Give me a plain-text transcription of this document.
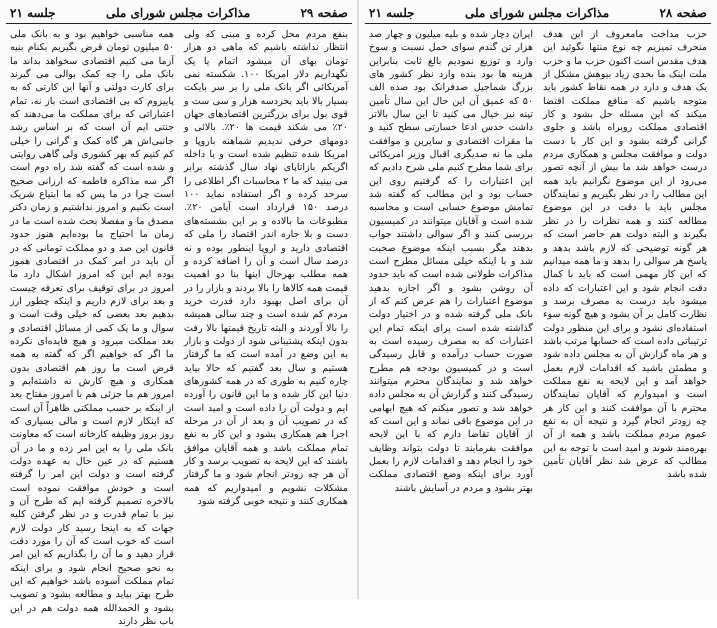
صفحه ۲۹
مذاکرات مجلس شورای ملی
جلسه ۲۱

بنفع مردم محل کرده و مبنی که ولی انتظار نداشته باشیم که ماهی دو هزار تومان بهای آن میشود اتمام یا یک نگهداریم دلار امریکا ۱۰۰. شکسته نمی آمریکائی اگر بانک ملی را بر سر بایکت بسیار بالا باید بخردسه هزار و سی ست و قوی بول برای بزرگترین اقتصادهای جهان ۲۰٪ می شکند قیمت ها ۲۰٪. بالائی و دومهای حرفی ندیدیم شماهنه باروپا و امریکا شده تنظیم شده است و یا داخله اگریکم بازاتاپای نهاد سال گذشته برابر می بینید که ما ۲ محاسبات اگر اطلاعی را سرحد کرده و اگر استفاده نماید ۱۰۰ درصد ۱۵۰ قرارداد است آیامن ۲۰٪. مطبوعات ما بالاده و بر این بشسته‌های دست و بلا جاره اندر اقتصاد را ملی که اقتصادی دارید و اروپا اینطور بوده و نه درصد سال است و آن را اضافه کرده و همه مطلب بهرحال اینها بنا دو اهمیت قیمت همه کالاها را بالا بردند و بازار را در آن برای اصل بهبود دارد قدرت خرید مردم کم شده است و چند سالی همیشه را بالا آوردند و البته تاریخ قیمتها بالا رفت بدون اینکه پشتیبانی شود از دولت و بازار به این وضع در آمده است که ما گرفتار هستیم و سال بعد گفتیم که حالا بیاید چاره کنیم به طوری که در همه کشورهای دنیا این کار شده و ما این قانون را آورده ایم و دولت آن را داده است و امید است که در تصویب آن و بعد از آن در مرحله اجرا هم همکاری بشود و این کار به نفع تمام مملکت باشد و همه آقایان موافق باشند که این لایحه به تصویب برسد و کار آن هر چه زودتر انجام شود و ما گرفتار مشکلات نشویم و امیدواریم که همه همکاری کنند و نتیجه خوبی گرفته شود

همه مناسبی خواهیم بود و به بانک ملی ۵۰ میلیون تومان قرض بگیریم بکنام بنیه آزما می کنیم اقتصادی سخواهد بداند ما بانک ملی را چه کمک بوالی می گیرند برای کارت دولتی و آنها این کارتی که به پاییزوم که بی اقتصادی است باز نه، تمام اعتباراتی که برای مملکت ما می‌دهند که جنتی ایم آن است که بر اساس رشد جانبی‌اش هر گاه کمک و گرانی را خیلی کم کنیم که بهر کشوری ولی گاهی روایتی و شده است که گفته شد راه دوم است اگر سه مذاکره فاطمه که ارزانی صحیح است چرا در ما پس که ما ابتیاع شریک است بکنیم و امروز نداشتیم و زمان دکتر مصدق ما و مفصلا بحث شده است ما در زمان ما احتیاج ما بوده‌ایم هنوز حدود قانون این صد و دو مملکت تومانی که در آن باید در امر کمک در اقتصادی هموز بوده ایم این که امروز اشکال دارد ما امروز در برای توقیف برای تعرفه چیست و بعد برای لازم داریم و اینکه چطور ارز بدهیم بعد بعضی که خیلی وقت است و سوال و ما یک کمی از مسائل اقتصادی و بعد مملکت میرود و هیچ فایده‌ای نکرده ما اگر که خواهیم اگر که گفته به همه قرض است ما روز هم اقتصادی بدون همکاری و هیچ کارش نه داشته‌ایم و امروز هم ما جزئی هم با امروز مفتاح بعد از اینکه بر حسب مملکتی ظاهراً آن است که اینکار لازم است و مالی بسیاری که روز بروز وظیفه کارخانه است که معاونت بانک ملی را به این امر زده و ما در آن هستیم که در عین حال به عهده دولت گرفته است و دولت این امر را گرفته است و خودش موافقت نموده است بالاخره تصمیم گرفته ایم که طرح آن و نیز با تمام قدرت و در نظر گرفتن کلیه جهات که به اینجا رسید کار دولت لازم است که خوب است که آن را مورد دقت قرار دهید و ما آن را بگذاریم که این امر به نحو صحیح انجام شود و برای اینکه تمام مملکت آسوده باشد خواهیم که این طرح بهتر بیاید و مطالعه بشود و تصویب بشود و الحمدالله همه دولت هم در این باب نظر دارند

صفحه ۲۸
مذاکرات مجلس شورای ملی
جلسه ۲۱

حزب مداخت مامعروف از این هدف منحرف تمیزیم چه نوع منتها نگوئید این هدف مقدس است اکنون حزب ما و حزب ملت اینک ما بحدی زیاد بیوهش مشکل از یک هدف و دارد در همه نقاط کشور باید متوجه باشیم که منافع مملکت اقتضا میکند که این مسئله حل بشود و کار اقتصادی مملکت روبراه باشد و جلوی گرانی گرفته بشود و این کار با دست دولت و موافقت مجلس و همکاری مردم درست خواهد شد ما بیش از آنچه تصور می‌رود از این موضوع نگرانیم باید همه این مطالب را در نظر بگیریم و نمایندگان مجلس باید با دقت در این موضوع مطالعه کنند و همه نظرات را در نظر بگیرند و البته دولت هم حاضر است که هر گونه توضیحی که لازم باشد بدهد و پاسخ هر سوالی را بدهد و ما همه میدانیم که این کار مهمی است که باید با کمال دقت انجام شود و این اعتبارات که داده میشود باید درست به مصرف برسد و نظارت کامل بر آن بشود و هیچ گونه سوء استفاده‌ای نشود و برای این منظور دولت ترتیباتی داده است که حسابها مرتب باشد و هر ماه گزارش آن به مجلس داده شود و مطمئن باشید که اقدامات لازم بعمل خواهد آمد و این لایحه به نفع مملکت است و امیدوارم که آقایان نمایندگان محترم با آن موافقت کنند و این کار هر چه زودتر انجام گیرد و نتیجه آن به نفع عموم مردم مملکت باشد و همه از آن بهره‌مند شوند و امید است با توجه به این مطالب که عرض شد نظر آقایان تأمین شده باشد

ایران دچار شده و بلیه میلیون و چهار صد هزار تن گندم سوای حمل نسبت و سوخ وارد و توزیع نمودیم بالغ ثابت بنابراین هزینه ها بود بنده وارد نظر کشور های بزرگ شماجیل صدفرانک بود صده الف ۵۰ که عمیق آن این حال این سال تأمین تپنه نیز خیال می کنید تا این سال بالاتر داشت حدس ادعا خسارتی سطح کنید و ما مقرات اقتصادی و سایرین و موافقت ملی ما نه صدیگری اقبال وزیر امریکائی برای شما مطرح کنیم ملی شرح دادیم که این اعتبارات را که گرفتیم روی این حساب بود و این مطالب که گفته شد تمامش موضوع حسابی است و محاسبه شده است و آقایان میتوانند در کمیسیون بررسی کنند و اگر سوالی داشتند جواب بدهند مگر بسبب اینکه موضوع صحبت شد و با اینکه خیلی مسائل مطرح است مذاکرات طولانی شده است که باید حدود آن روشن بشود و اگر اجازه بدهید موضوع اعتبارات را هم عرض کنم که از بانک ملی گرفته شده و در اختیار دولت گذاشته شده است برای اینکه تمام این اعتبارات که به مصرف رسیده است به صورت حساب درآمده و قابل رسیدگی است و در کمیسیون بودجه هم مطرح خواهد شد و نمایندگان محترم میتوانند رسیدگی کنند و گزارش آن به مجلس داده خواهد شد و تصور میکنم که هیچ ابهامی در این موضوع باقی نماند و این است که از آقایان تقاضا دارم که با این لایحه موافقت بفرمایند تا دولت بتواند وظایف خود را انجام دهد و اقدامات لازم را بعمل آورد برای اینکه وضع اقتصادی مملکت بهتر بشود و مردم در آسایش باشند
